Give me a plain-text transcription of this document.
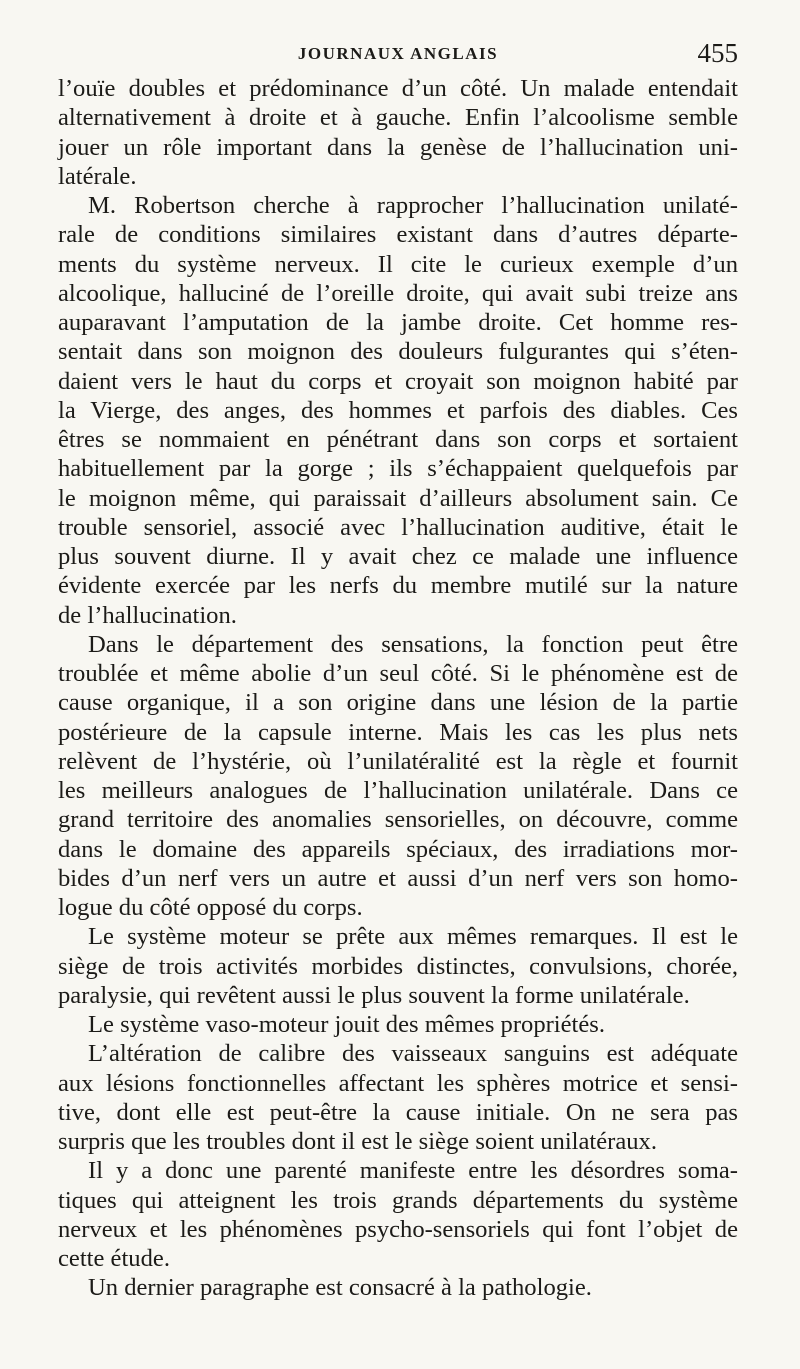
JOURNAUX ANGLAIS	455
l’ouïe doubles et prédominance d’un côté. Un malade entendait
alternativement à droite et à gauche. Enfin l’alcoolisme semble
jouer un rôle important dans la genèse de l’hallucination uni-
latérale.
M. Robertson cherche à rapprocher l’hallucination unilaté-
rale de conditions similaires existant dans d’autres départe-
ments du système nerveux. Il cite le curieux exemple d’un
alcoolique, halluciné de l’oreille droite, qui avait subi treize ans
auparavant l’amputation de la jambe droite. Cet homme res-
sentait dans son moignon des douleurs fulgurantes qui s’éten-
daient vers le haut du corps et croyait son moignon habité par
la Vierge, des anges, des hommes et parfois des diables. Ces
êtres se nommaient en pénétrant dans son corps et sortaient
habituellement par la gorge ; ils s’échappaient quelquefois par
le moignon même, qui paraissait d’ailleurs absolument sain. Ce
trouble sensoriel, associé avec l’hallucination auditive, était le
plus souvent diurne. Il y avait chez ce malade une influence
évidente exercée par les nerfs du membre mutilé sur la nature
de l’hallucination.
Dans le département des sensations, la fonction peut être
troublée et même abolie d’un seul côté. Si le phénomène est de
cause organique, il a son origine dans une lésion de la partie
postérieure de la capsule interne. Mais les cas les plus nets
relèvent de l’hystérie, où l’unilatéralité est la règle et fournit
les meilleurs analogues de l’hallucination unilatérale. Dans ce
grand territoire des anomalies sensorielles, on découvre, comme
dans le domaine des appareils spéciaux, des irradiations mor-
bides d’un nerf vers un autre et aussi d’un nerf vers son homo-
logue du côté opposé du corps.
Le système moteur se prête aux mêmes remarques. Il est le
siège de trois activités morbides distinctes, convulsions, chorée,
paralysie, qui revêtent aussi le plus souvent la forme unilatérale.
Le système vaso-moteur jouit des mêmes propriétés.
L’altération de calibre des vaisseaux sanguins est adéquate
aux lésions fonctionnelles affectant les sphères motrice et sensi-
tive, dont elle est peut-être la cause initiale. On ne sera pas
surpris que les troubles dont il est le siège soient unilatéraux.
Il y a donc une parenté manifeste entre les désordres soma-
tiques qui atteignent les trois grands départements du système
nerveux et les phénomènes psycho-sensoriels qui font l’objet de
cette étude.
Un dernier paragraphe est consacré à la pathologie.
